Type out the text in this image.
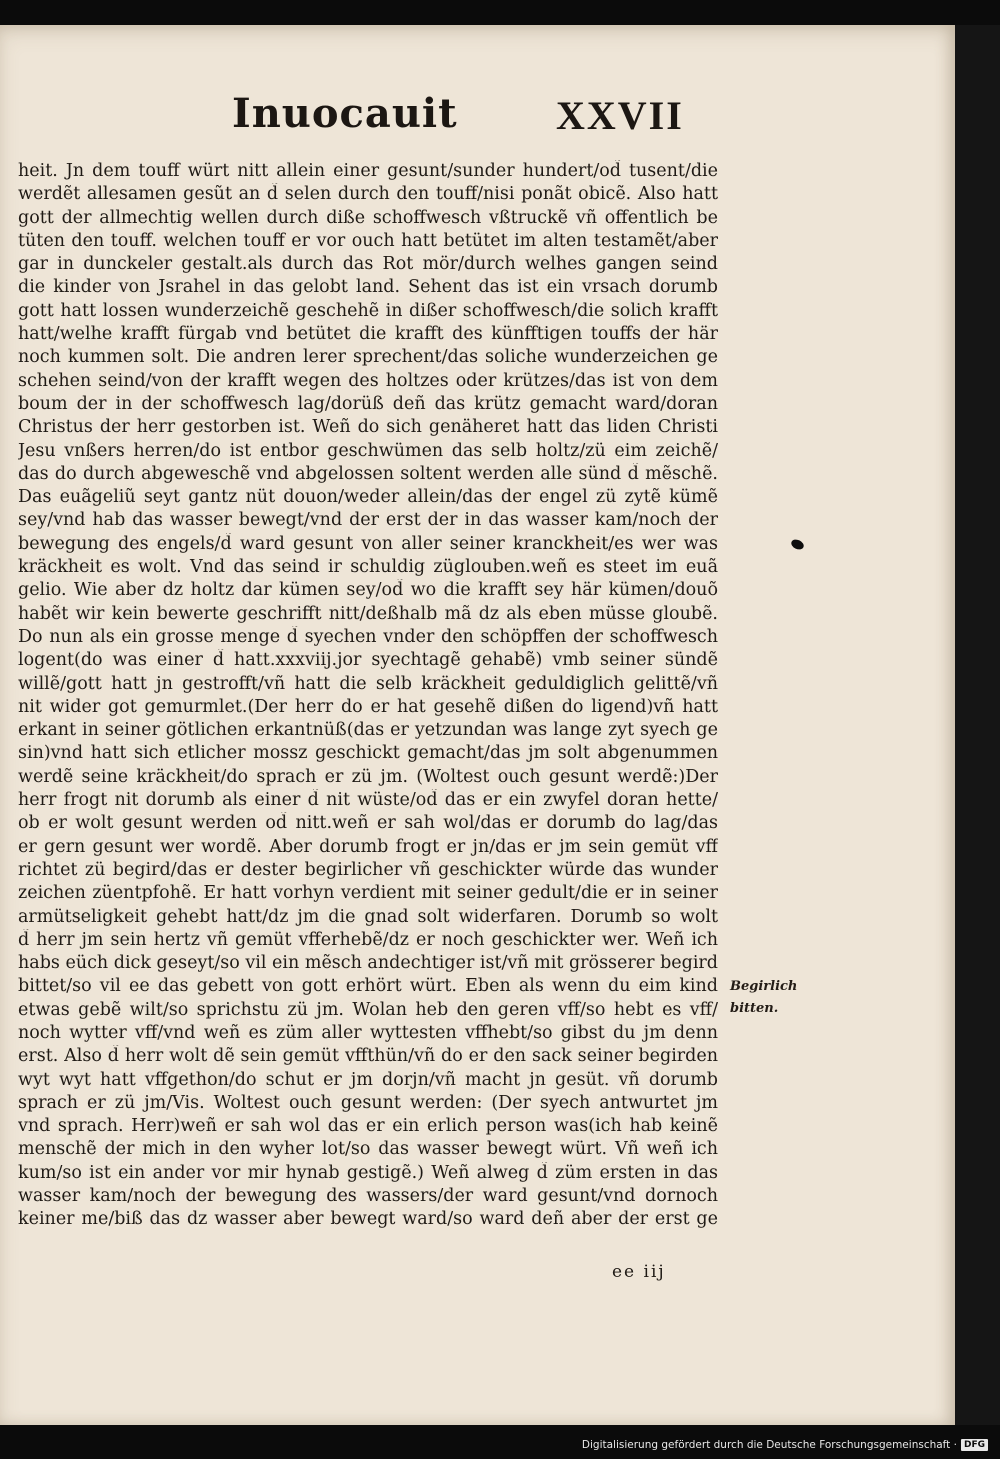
Inuocauit XXVII
heit. Jn dem touff würt nitt allein einer gesunt/sunder hundert/od̃ tusent/die
werdẽt allesamen gesũt an d̃ selen durch den touff/nisi ponãt obicẽ. Also hatt
gott der allmechtig wellen durch diße schoffwesch vßtruckẽ vñ offentlich be
tüten den touff. welchen touff er vor ouch hatt betütet im alten testamẽt/aber
gar in dunckeler gestalt.als durch das Rot mör/durch welhes gangen seind
die kinder von Jsrahel in das gelobt land. Sehent das ist ein vrsach dorumb
gott hatt lossen wunderzeichẽ geschehẽ in dißer schoffwesch/die solich krafft
hatt/welhe krafft fürgab vnd betütet die krafft des künfftigen touffs der här
noch kummen solt. Die andren lerer sprechent/das soliche wunderzeichen ge
schehen seind/von der krafft wegen des holtzes oder krützes/das ist von dem
boum der in der schoffwesch lag/dorüß deñ das krütz gemacht ward/doran
Christus der herr gestorben ist. Weñ do sich genäheret hatt das liden Christi
Jesu vnßers herren/do ist entbor geschwümen das selb holtz/zü eim zeichẽ/
das do durch abgeweschẽ vnd abgelossen soltent werden alle sünd d̃ mẽschẽ.
Das euãgeliũ seyt gantz nüt douon/weder allein/das der engel zü zytẽ kümẽ
sey/vnd hab das wasser bewegt/vnd der erst der in das wasser kam/noch der
bewegung des engels/d̃ ward gesunt von aller seiner kranckheit/es wer was
kräckheit es wolt. Vnd das seind ir schuldig züglouben.weñ es steet im euã
gelio. Wie aber dz holtz dar kümen sey/od̃ wo die krafft sey här kümen/douõ
habẽt wir kein bewerte geschrifft nitt/deßhalb mã dz als eben müsse gloubẽ.
Do nun als ein grosse menge d̃ syechen vnder den schöpffen der schoffwesch
logent(do was einer d̃ hatt.xxxviij.jor syechtagẽ gehabẽ) vmb seiner sündẽ
willẽ/gott hatt jn gestrofft/vñ hatt die selb kräckheit geduldiglich gelittẽ/vñ
nit wider got gemurmlet.(Der herr do er hat gesehẽ dißen do ligend)vñ hatt
erkant in seiner götlichen erkantnüß(das er yetzundan was lange zyt syech ge
sin)vnd hatt sich etlicher mossz geschickt gemacht/das jm solt abgenummen
werdẽ seine kräckheit/do sprach er zü jm. (Woltest ouch gesunt werdẽ:)Der
herr frogt nit dorumb als einer d̃ nit wüste/od̃ das er ein zwyfel doran hette/
ob er wolt gesunt werden od̃ nitt.weñ er sah wol/das er dorumb do lag/das
er gern gesunt wer wordẽ. Aber dorumb frogt er jn/das er jm sein gemüt vff
richtet zü begird/das er dester begirlicher vñ geschickter würde das wunder
zeichen züentpfohẽ. Er hatt vorhyn verdient mit seiner gedult/die er in seiner
armütseligkeit gehebt hatt/dz jm die gnad solt widerfaren. Dorumb so wolt
d̃ herr jm sein hertz vñ gemüt vfferhebẽ/dz er noch geschickter wer. Weñ ich
habs eüch dick geseyt/so vil ein mẽsch andechtiger ist/vñ mit grösserer begird
bittet/so vil ee das gebett von gott erhört würt. Eben als wenn du eim kind
etwas gebẽ wilt/so sprichstu zü jm. Wolan heb den geren vff/so hebt es vff/
noch wytter vff/vnd weñ es züm aller wyttesten vffhebt/so gibst du jm denn
erst. Also d̃ herr wolt dẽ sein gemüt vffthün/vñ do er den sack seiner begirden
wyt wyt hatt vffgethon/do schut er jm dorjn/vñ macht jn gesüt. vñ dorumb
sprach er zü jm/Vis. Woltest ouch gesunt werden: (Der syech antwurtet jm
vnd sprach. Herr)weñ er sah wol das er ein erlich person was(ich hab keinẽ
menschẽ der mich in den wyher lot/so das wasser bewegt würt. Vñ weñ ich
kum/so ist ein ander vor mir hynab gestigẽ.) Weñ alweg d̃ züm ersten in das
wasser kam/noch der bewegung des wassers/der ward gesunt/vnd dornoch
keiner me/biß das dz wasser aber bewegt ward/so ward deñ aber der erst ge
Begirlich
bitten.
ee iij
Digitalisierung gefördert durch die Deutsche Forschungsgemeinschaft · DFG
